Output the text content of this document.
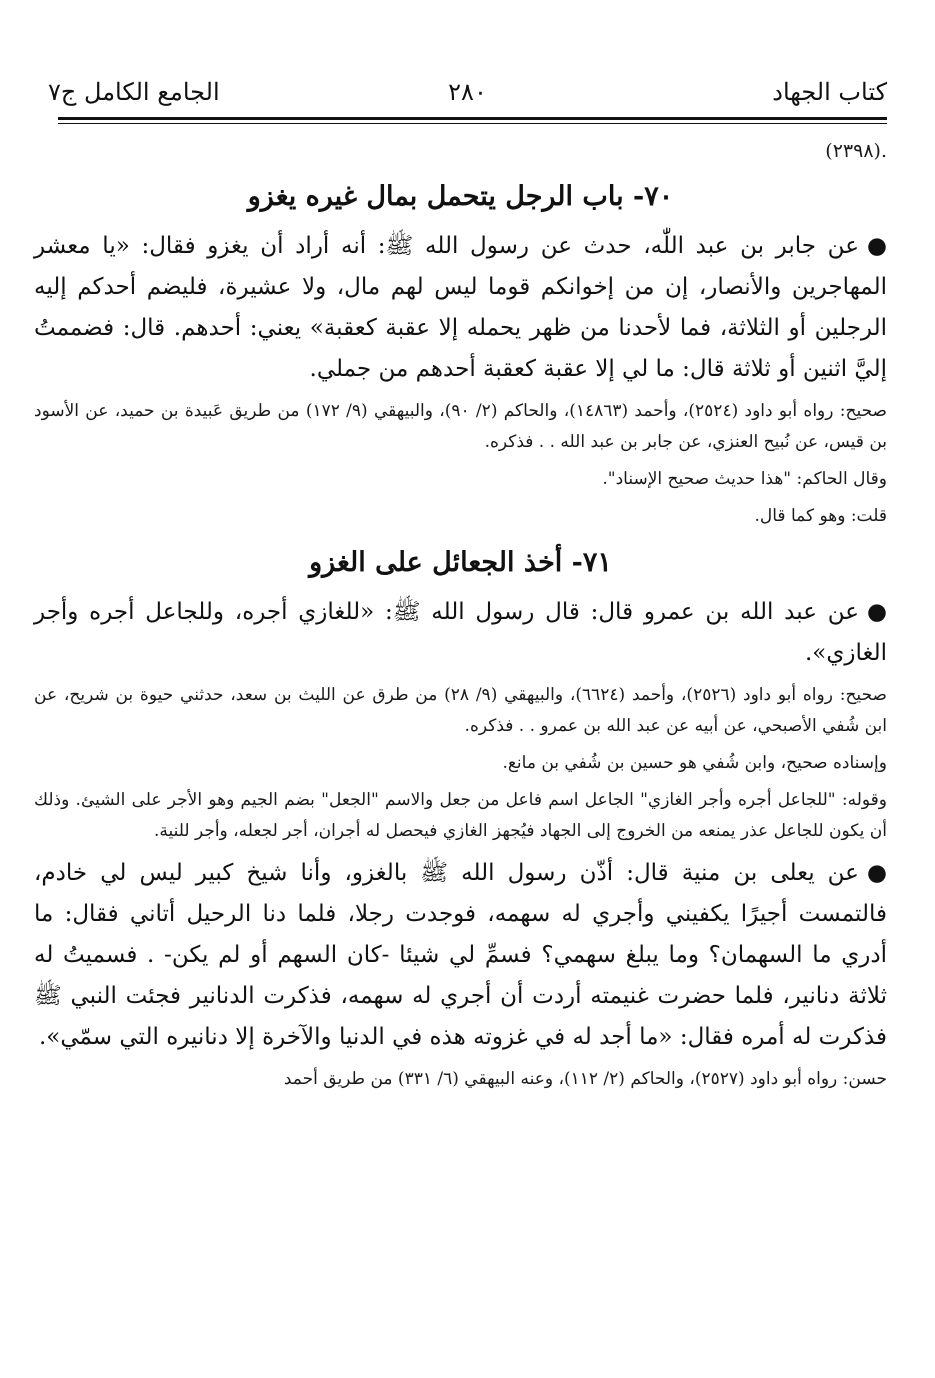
كتاب الجهاد
٢٨٠
الجامع الكامل ج٧

.(٢٣٩٨)

٧٠- باب الرجل يتحمل بمال غيره يغزو

●عن جابر بن عبد اللّٰه، حدث عن رسول الله ﷺ: أنه أراد أن يغزو فقال: «يا معشر المهاجرين والأنصار، إن من إخوانكم قوما ليس لهم مال، ولا عشيرة، فليضم أحدكم إليه الرجلين أو الثلاثة، فما لأحدنا من ظهر يحمله إلا عقبة كعقبة» يعني: أحدهم. قال: فضممتُ إليَّ اثنين أو ثلاثة قال: ما لي إلا عقبة كعقبة أحدهم من جملي.

صحيح: رواه أبو داود (٢٥٢٤)، وأحمد (١٤٨٦٣)، والحاكم (٢/ ٩٠)، والبيهقي (٩/ ١٧٢) من طريق عَبيدة بن حميد، عن الأسود بن قيس، عن نُبيح العنزي، عن جابر بن عبد الله . . فذكره.

وقال الحاكم: "هذا حديث صحيح الإسناد".

قلت: وهو كما قال.

٧١- أخذ الجعائل على الغزو

●عن عبد الله بن عمرو قال: قال رسول الله ﷺ: «للغازي أجره، وللجاعل أجره وأجر الغازي».

صحيح: رواه أبو داود (٢٥٢٦)، وأحمد (٦٦٢٤)، والبيهقي (٩/ ٢٨) من طرق عن الليث بن سعد، حدثني حيوة بن شريح، عن ابن شُفي الأصبحي، عن أبيه عن عبد الله بن عمرو . . فذكره.

وإسناده صحيح، وابن شُفي هو حسين بن شُفي بن مانع.

وقوله: "للجاعل أجره وأجر الغازي" الجاعل اسم فاعل من جعل والاسم "الجعل" بضم الجيم وهو الأجر على الشيئ. وذلك أن يكون للجاعل عذر يمنعه من الخروج إلى الجهاد فيُجهز الغازي فيحصل له أجران، أجر لجعله، وأجر للنية.

●عن يعلى بن منية قال: أذّن رسول الله ﷺ بالغزو، وأنا شيخ كبير ليس لي خادم، فالتمست أجيرًا يكفيني وأجري له سهمه، فوجدت رجلا، فلما دنا الرحيل أتاني فقال: ما أدري ما السهمان؟ وما يبلغ سهمي؟ فسمِّ لي شيئا -كان السهم أو لم يكن- . فسميتُ له ثلاثة دنانير، فلما حضرت غنيمته أردت أن أجري له سهمه، فذكرت الدنانير فجئت النبي ﷺ فذكرت له أمره فقال: «ما أجد له في غزوته هذه في الدنيا والآخرة إلا دنانيره التي سمّي».

حسن: رواه أبو داود (٢٥٢٧)، والحاكم (٢/ ١١٢)، وعنه البيهقي (٦/ ٣٣١) من طريق أحمد
